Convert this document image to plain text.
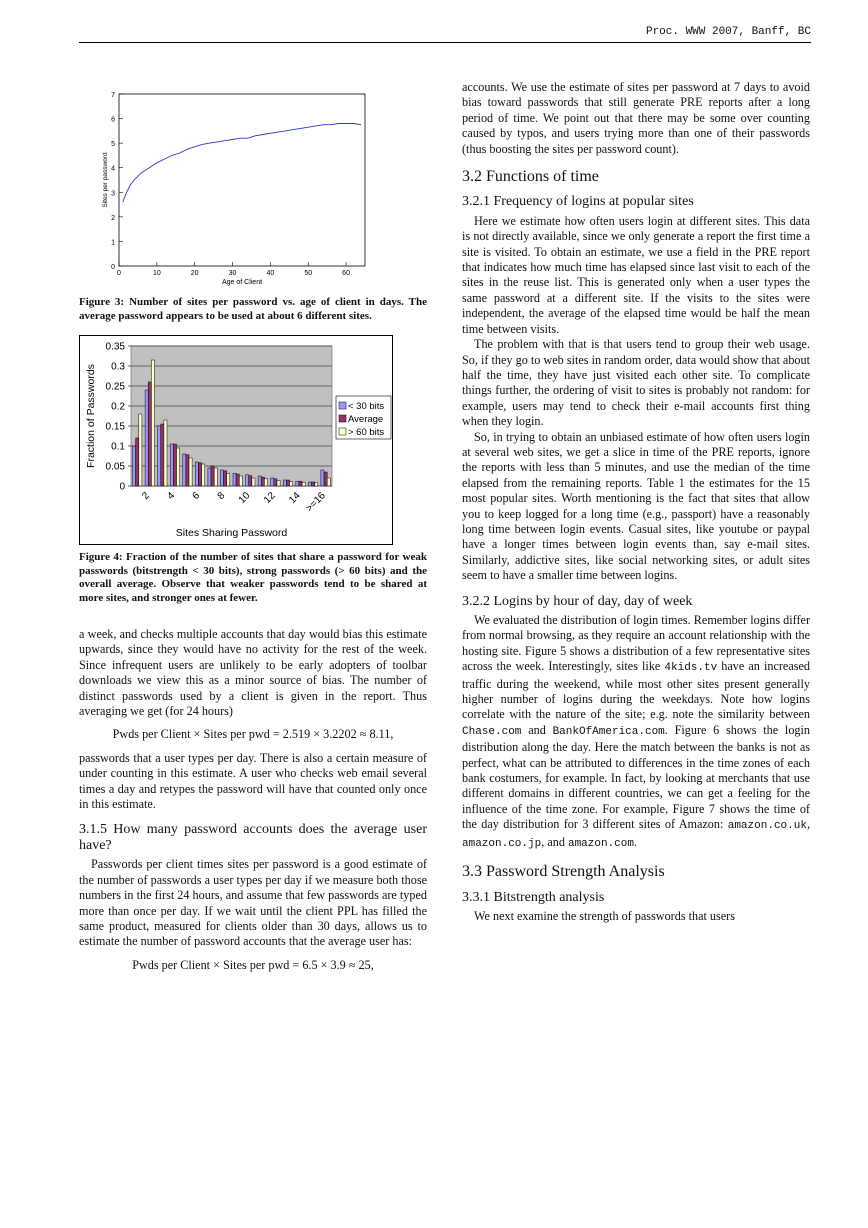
Proc. WWW 2007, Banff, BC
0
1
2
3
4
5
6
7
0	10	20	30	40	50	60
Age of Client
Sites per password

Figure 3: Number of sites per password vs. age of client in days. The average password appears to be used at about 6 different sites.

0
0.05
0.1
0.15
0.2
0.25
0.3
0.35
2 4 6 8 10 12 14 >=16
Sites Sharing Password
Fraction of Passwords	< 30 bits
Average
> 60 bits

Figure 4: Fraction of the number of sites that share a password for weak passwords (bitstrength < 30 bits), strong passwords (> 60 bits) and the overall average. Observe that weaker passwords tend to be shared at more sites, and stronger ones at fewer.

a week, and checks multiple accounts that day would bias this estimate upwards, since they would have no activity for the rest of the week. Since infrequent users are unlikely to be early adopters of toolbar downloads we view this as a minor source of bias. The number of distinct passwords used by a client is given in the report. Thus averaging we get (for 24 hours)

Pwds per Client × Sites per pwd = 2.519 × 3.2202 ≈ 8.11,

passwords that a user types per day. There is also a certain measure of under counting in this estimate. A user who checks web email several times a day and retypes the password will have that counted only once in this estimate.

3.1.5 How many password accounts does the average user have?

Passwords per client times sites per password is a good estimate of the number of passwords a user types per day if we measure both those numbers in the first 24 hours, and assume that few passwords are typed more than once per day. If we wait until the client PPL has filled the same product, measured for clients older than 30 days, allows us to estimate the number of password accounts that the average user has:

Pwds per Client × Sites per pwd = 6.5 × 3.9 ≈ 25,

accounts. We use the estimate of sites per password at 7 days to avoid bias toward passwords that still generate PRE reports after a long period of time. We point out that there may be some over counting caused by typos, and users trying more than one of their passwords (thus boosting the sites per password count).

3.2 Functions of time
3.2.1 Frequency of logins at popular sites

Here we estimate how often users login at different sites. This data is not directly available, since we only generate a report the first time a site is visited. To obtain an estimate, we use a field in the PRE report that indicates how much time has elapsed since last visit to each of the sites in the reuse list. This is generated only when a user types the same password at a different site. If the visits to the sites were independent, the average of the elapsed time would be half the mean time between visits.

The problem with that is that users tend to group their web usage. So, if they go to web sites in random order, data would show that about half the time, they have just visited each other site. To complicate things further, the ordering of visit to sites is probably not random: for example, users may tend to check their e-mail accounts first thing when they login.

So, in trying to obtain an unbiased estimate of how often users login at several web sites, we get a slice in time of the PRE reports, ignore the reports with less than 5 minutes, and use the median of the time elapsed from the remaining reports. Table 1 the estimates for the 15 most popular sites. Worth mentioning is the fact that sites that allow you to keep logged for a long time (e.g., passport) have a reasonably long time between login events. Casual sites, like youtube or paypal have a longer times between login events than, say e-mail sites. Similarly, addictive sites, like social networking sites, or adult sites seem to have a smaller time between logins.

3.2.2 Logins by hour of day, day of week

We evaluated the distribution of login times. Remember logins differ from normal browsing, as they require an account relationship with the hosting site. Figure 5 shows a distribution of a few representative sites across the week. Interestingly, sites like 4kids.tv have an increased traffic during the weekend, while most other sites present generally higher number of logins during the weekdays. Note how logins correlate with the nature of the site; e.g. note the similarity between Chase.com and BankOfAmerica.com. Figure 6 shows the login distribution along the day. Here the match between the banks is not as perfect, what can be attributed to differences in the time zones of each bank costumers, for example. In fact, by looking at merchants that use different domains in different countries, we can get a feeling for the influence of the time zone. For example, Figure 7 shows the time of the day distribution for 3 different sites of Amazon: amazon.co.uk, amazon.co.jp, and amazon.com.

3.3 Password Strength Analysis
3.3.1 Bitstrength analysis

We next examine the strength of passwords that users
